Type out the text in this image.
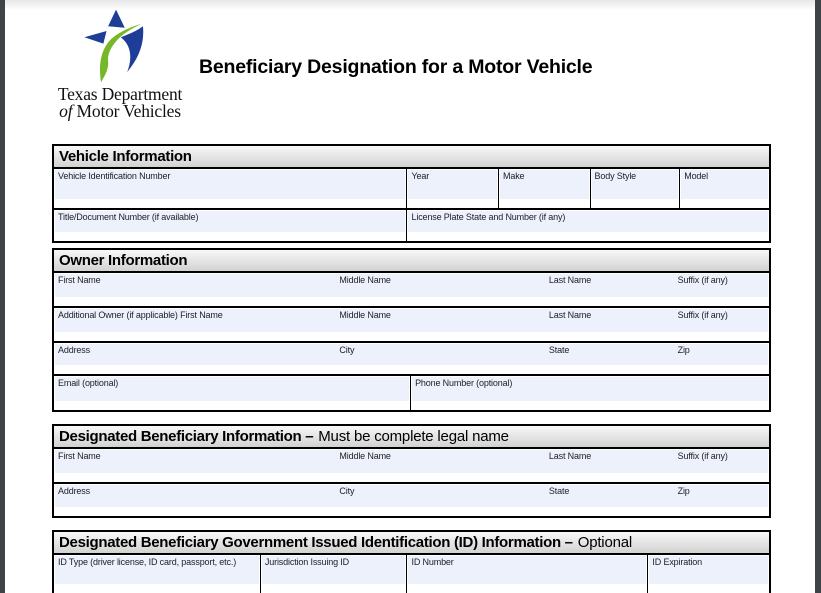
Texas Department
of Motor Vehicles
Beneficiary Designation for a Motor Vehicle
Vehicle Information
Vehicle Identification Number	Year	Make	Body Style	Model
Title/Document Number (if available)	License Plate State and Number (if any)
Owner Information
First Name	Middle Name	Last Name	Suffix (if any)
Additional Owner (if applicable) First Name	Middle Name	Last Name	Suffix (if any)
Address	City	State	Zip
Email (optional)	Phone Number (optional)
Designated Beneficiary Information – Must be complete legal name
First Name	Middle Name	Last Name	Suffix (if any)
Address	City	State	Zip
Designated Beneficiary Government Issued Identification (ID) Information – Optional
ID Type (driver license, ID card, passport, etc.)	Jurisdiction Issuing ID	ID Number	ID Expiration
